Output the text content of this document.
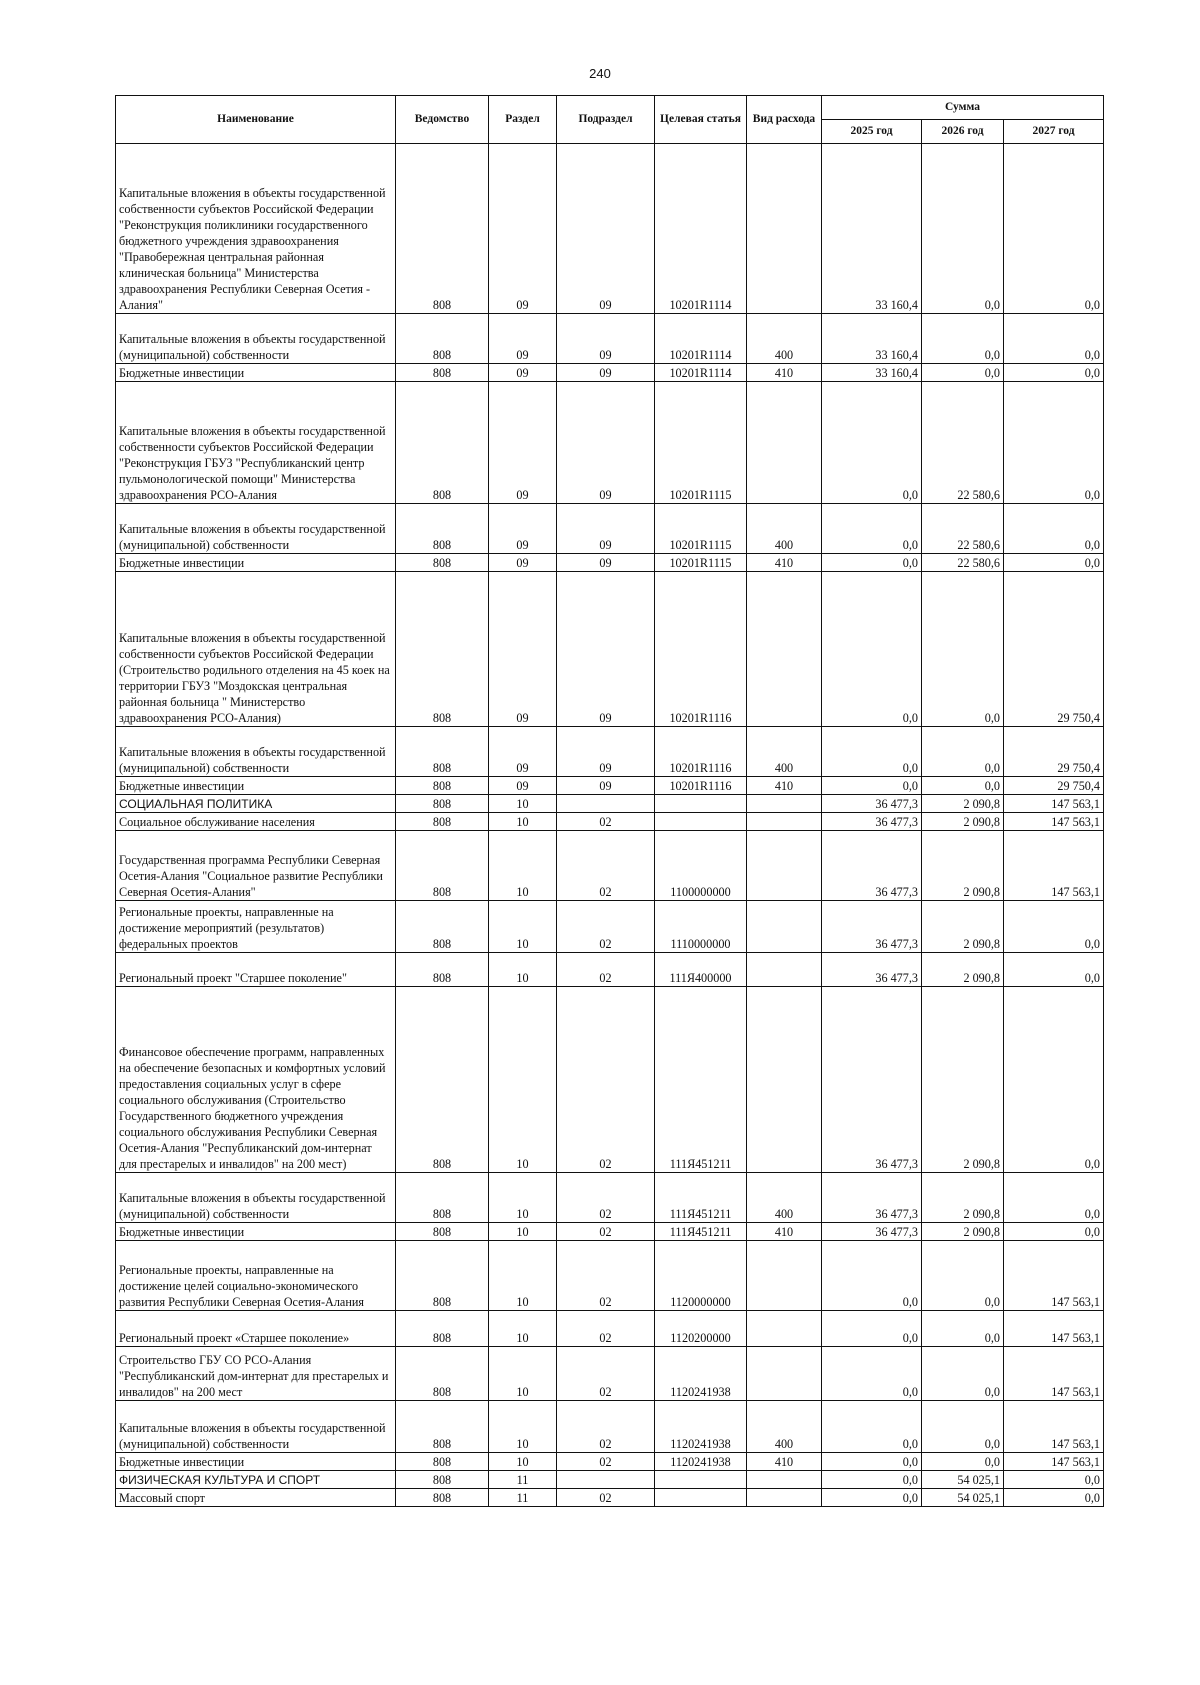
240
Наименование	Ведомство	Раздел	Подраздел	Целевая статья	Вид расхода	Сумма		
						2025 год	2026 год	2027 год
Капитальные вложения в объекты государственной собственности субъектов Российской Федерации "Реконструкция поликлиники государственного бюджетного учреждения здравоохранения "Правобережная центральная районная клиническая больница" Министерства здравоохранения Республики Северная Осетия - Алания"	808	09	09	10201R1114		33 160,4	0,0	0,0
Капитальные вложения в объекты государственной (муниципальной) собственности	808	09	09	10201R1114	400	33 160,4	0,0	0,0
Бюджетные инвестиции	808	09	09	10201R1114	410	33 160,4	0,0	0,0
Капитальные вложения в объекты государственной собственности субъектов Российской Федерации "Реконструкция ГБУЗ "Республиканский центр пульмонологической помощи" Министерства здравоохранения РСО-Алания	808	09	09	10201R1115		0,0	22 580,6	0,0
Капитальные вложения в объекты государственной (муниципальной) собственности	808	09	09	10201R1115	400	0,0	22 580,6	0,0
Бюджетные инвестиции	808	09	09	10201R1115	410	0,0	22 580,6	0,0
Капитальные вложения в объекты государственной собственности субъектов Российской Федерации (Строительство родильного отделения на 45 коек на территории ГБУЗ "Моздокская центральная районная больница " Министерство здравоохранения РСО-Алания)	808	09	09	10201R1116		0,0	0,0	29 750,4
Капитальные вложения в объекты государственной (муниципальной) собственности	808	09	09	10201R1116	400	0,0	0,0	29 750,4
Бюджетные инвестиции	808	09	09	10201R1116	410	0,0	0,0	29 750,4
СОЦИАЛЬНАЯ ПОЛИТИКА	808	10				36 477,3	2 090,8	147 563,1
Социальное обслуживание населения	808	10	02			36 477,3	2 090,8	147 563,1
Государственная программа Республики Северная Осетия-Алания "Социальное развитие Республики Северная Осетия-Алания"	808	10	02	1100000000		36 477,3	2 090,8	147 563,1
Региональные проекты, направленные на достижение мероприятий (результатов) федеральных проектов	808	10	02	1110000000		36 477,3	2 090,8	0,0
Региональный проект "Старшее поколение"	808	10	02	111Я400000		36 477,3	2 090,8	0,0
Финансовое обеспечение программ, направленных на обеспечение безопасных и комфортных условий предоставления социальных услуг в сфере социального обслуживания (Строительство Государственного бюджетного учреждения социального обслуживания Республики Северная Осетия-Алания "Республиканский дом-интернат для престарелых и инвалидов" на 200 мест)	808	10	02	111Я451211		36 477,3	2 090,8	0,0
Капитальные вложения в объекты государственной (муниципальной) собственности	808	10	02	111Я451211	400	36 477,3	2 090,8	0,0
Бюджетные инвестиции	808	10	02	111Я451211	410	36 477,3	2 090,8	0,0
Региональные проекты, направленные на достижение целей социально-экономического развития Республики Северная Осетия-Алания	808	10	02	1120000000		0,0	0,0	147 563,1
Региональный проект «Старшее поколение»	808	10	02	1120200000		0,0	0,0	147 563,1
Строительство ГБУ СО РСО-Алания "Республиканский дом-интернат для престарелых и инвалидов" на 200 мест	808	10	02	1120241938		0,0	0,0	147 563,1
Капитальные вложения в объекты государственной (муниципальной) собственности	808	10	02	1120241938	400	0,0	0,0	147 563,1
Бюджетные инвестиции	808	10	02	1120241938	410	0,0	0,0	147 563,1
ФИЗИЧЕСКАЯ КУЛЬТУРА И СПОРТ	808	11				0,0	54 025,1	0,0
Массовый спорт	808	11	02			0,0	54 025,1	0,0
